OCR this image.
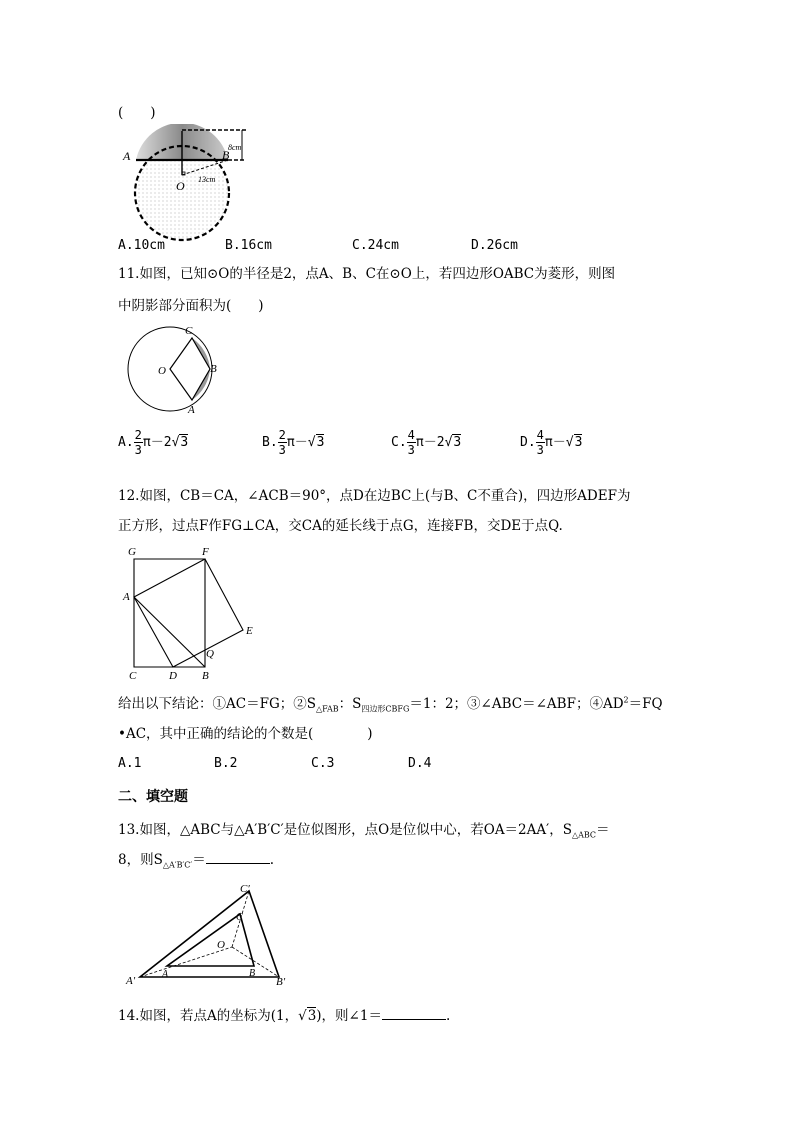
(　　)
A	B
O
8cm
13cm
A.10cm	B.16cm	C.24cm	D.26cm
11.如图，已知⊙O的半径是2，点A、B、C在⊙O上，若四边形OABC为菱形，则图
中阴影部分面积为(　　)
O
C
B
A
A. $\frac{2}{3} \pi-2√3$	B. $\frac{2}{3} \pi-√3$	C. $\frac{4}{3} \pi-2√3$	D. $\frac{4}{3} \pi-√3$
12.如图，CB＝CA，∠ACB＝90°，点D在边BC上(与B、C不重合)，四边形ADEF为
正方形，过点F作FG⊥CA，交CA的延长线于点G，连接FB，交DE于点Q.
G	F
A
E
Q
C	D B
给出以下结论：①AC＝FG；$②S_{\triangle FAB}$：$S_{四边形CBFG}=1$：2；③∠ABC＝∠ABF；$④AD^2=FQ$
•AC，其中正确的结论的个数是(　　　　)
A.1	B.2	C.3	D.4
二、填空题
13.如图，△ABC与△A′B′C′是位似图形，点O是位似中心，若OA＝2AA′，$S_{\triangle ABC}=$
8，则$S_{\triangle A'B'C'}=$	.
A′
A	B
B′
C′
C
O
14.如图，若点A的坐标为(1，√3)，则∠1＝	.
